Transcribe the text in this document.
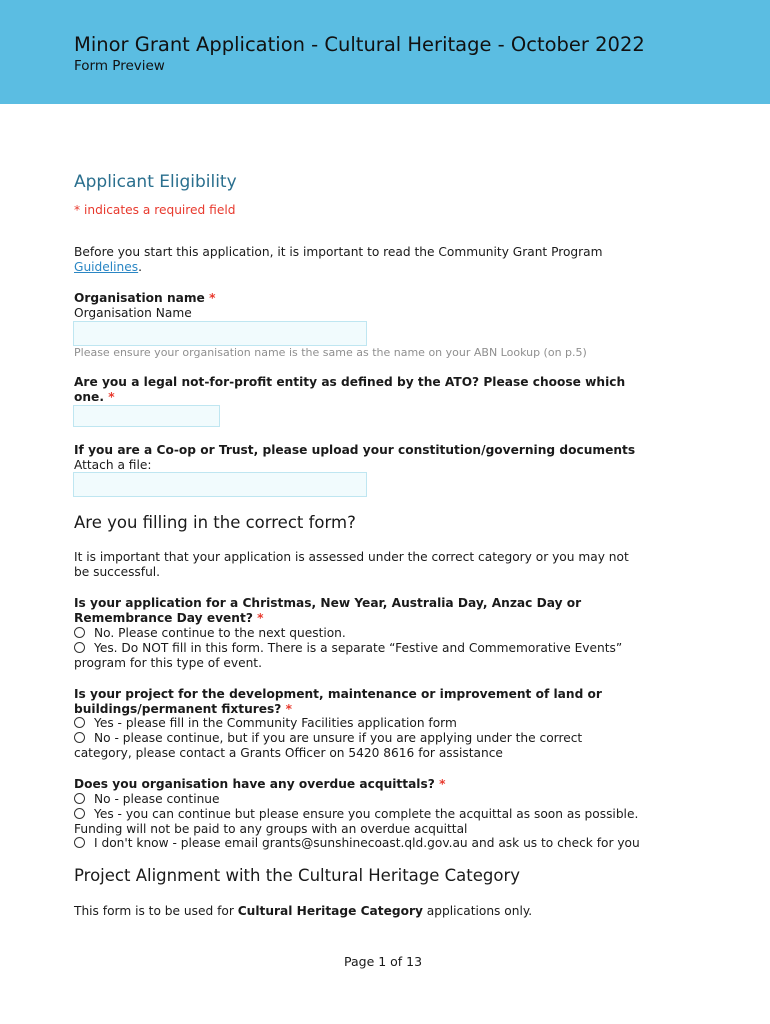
Minor Grant Application - Cultural Heritage - October 2022
Form Preview
Applicant Eligibility
* indicates a required field
Before you start this application, it is important to read the Community Grant Program
Guidelines.
Organisation name *
Organisation Name
Please ensure your organisation name is the same as the name on your ABN Lookup (on p.5)
Are you a legal not-for-profit entity as defined by the ATO? Please choose which
one. *
If you are a Co-op or Trust, please upload your constitution/governing documents
Attach a file:
Are you filling in the correct form?
It is important that your application is assessed under the correct category or you may not
be successful.
Is your application for a Christmas, New Year, Australia Day, Anzac Day or
Remembrance Day event? *
No. Please continue to the next question.
Yes. Do NOT fill in this form. There is a separate “Festive and Commemorative Events”
program for this type of event.
Is your project for the development, maintenance or improvement of land or
buildings/permanent fixtures? *
Yes - please fill in the Community Facilities application form
No - please continue, but if you are unsure if you are applying under the correct
category, please contact a Grants Officer on 5420 8616 for assistance
Does you organisation have any overdue acquittals? *
No - please continue
Yes - you can continue but please ensure you complete the acquittal as soon as possible.
Funding will not be paid to any groups with an overdue acquittal
I don't know - please email grants@sunshinecoast.qld.gov.au and ask us to check for you
Project Alignment with the Cultural Heritage Category
This form is to be used for Cultural Heritage Category applications only.
Page 1 of 13
